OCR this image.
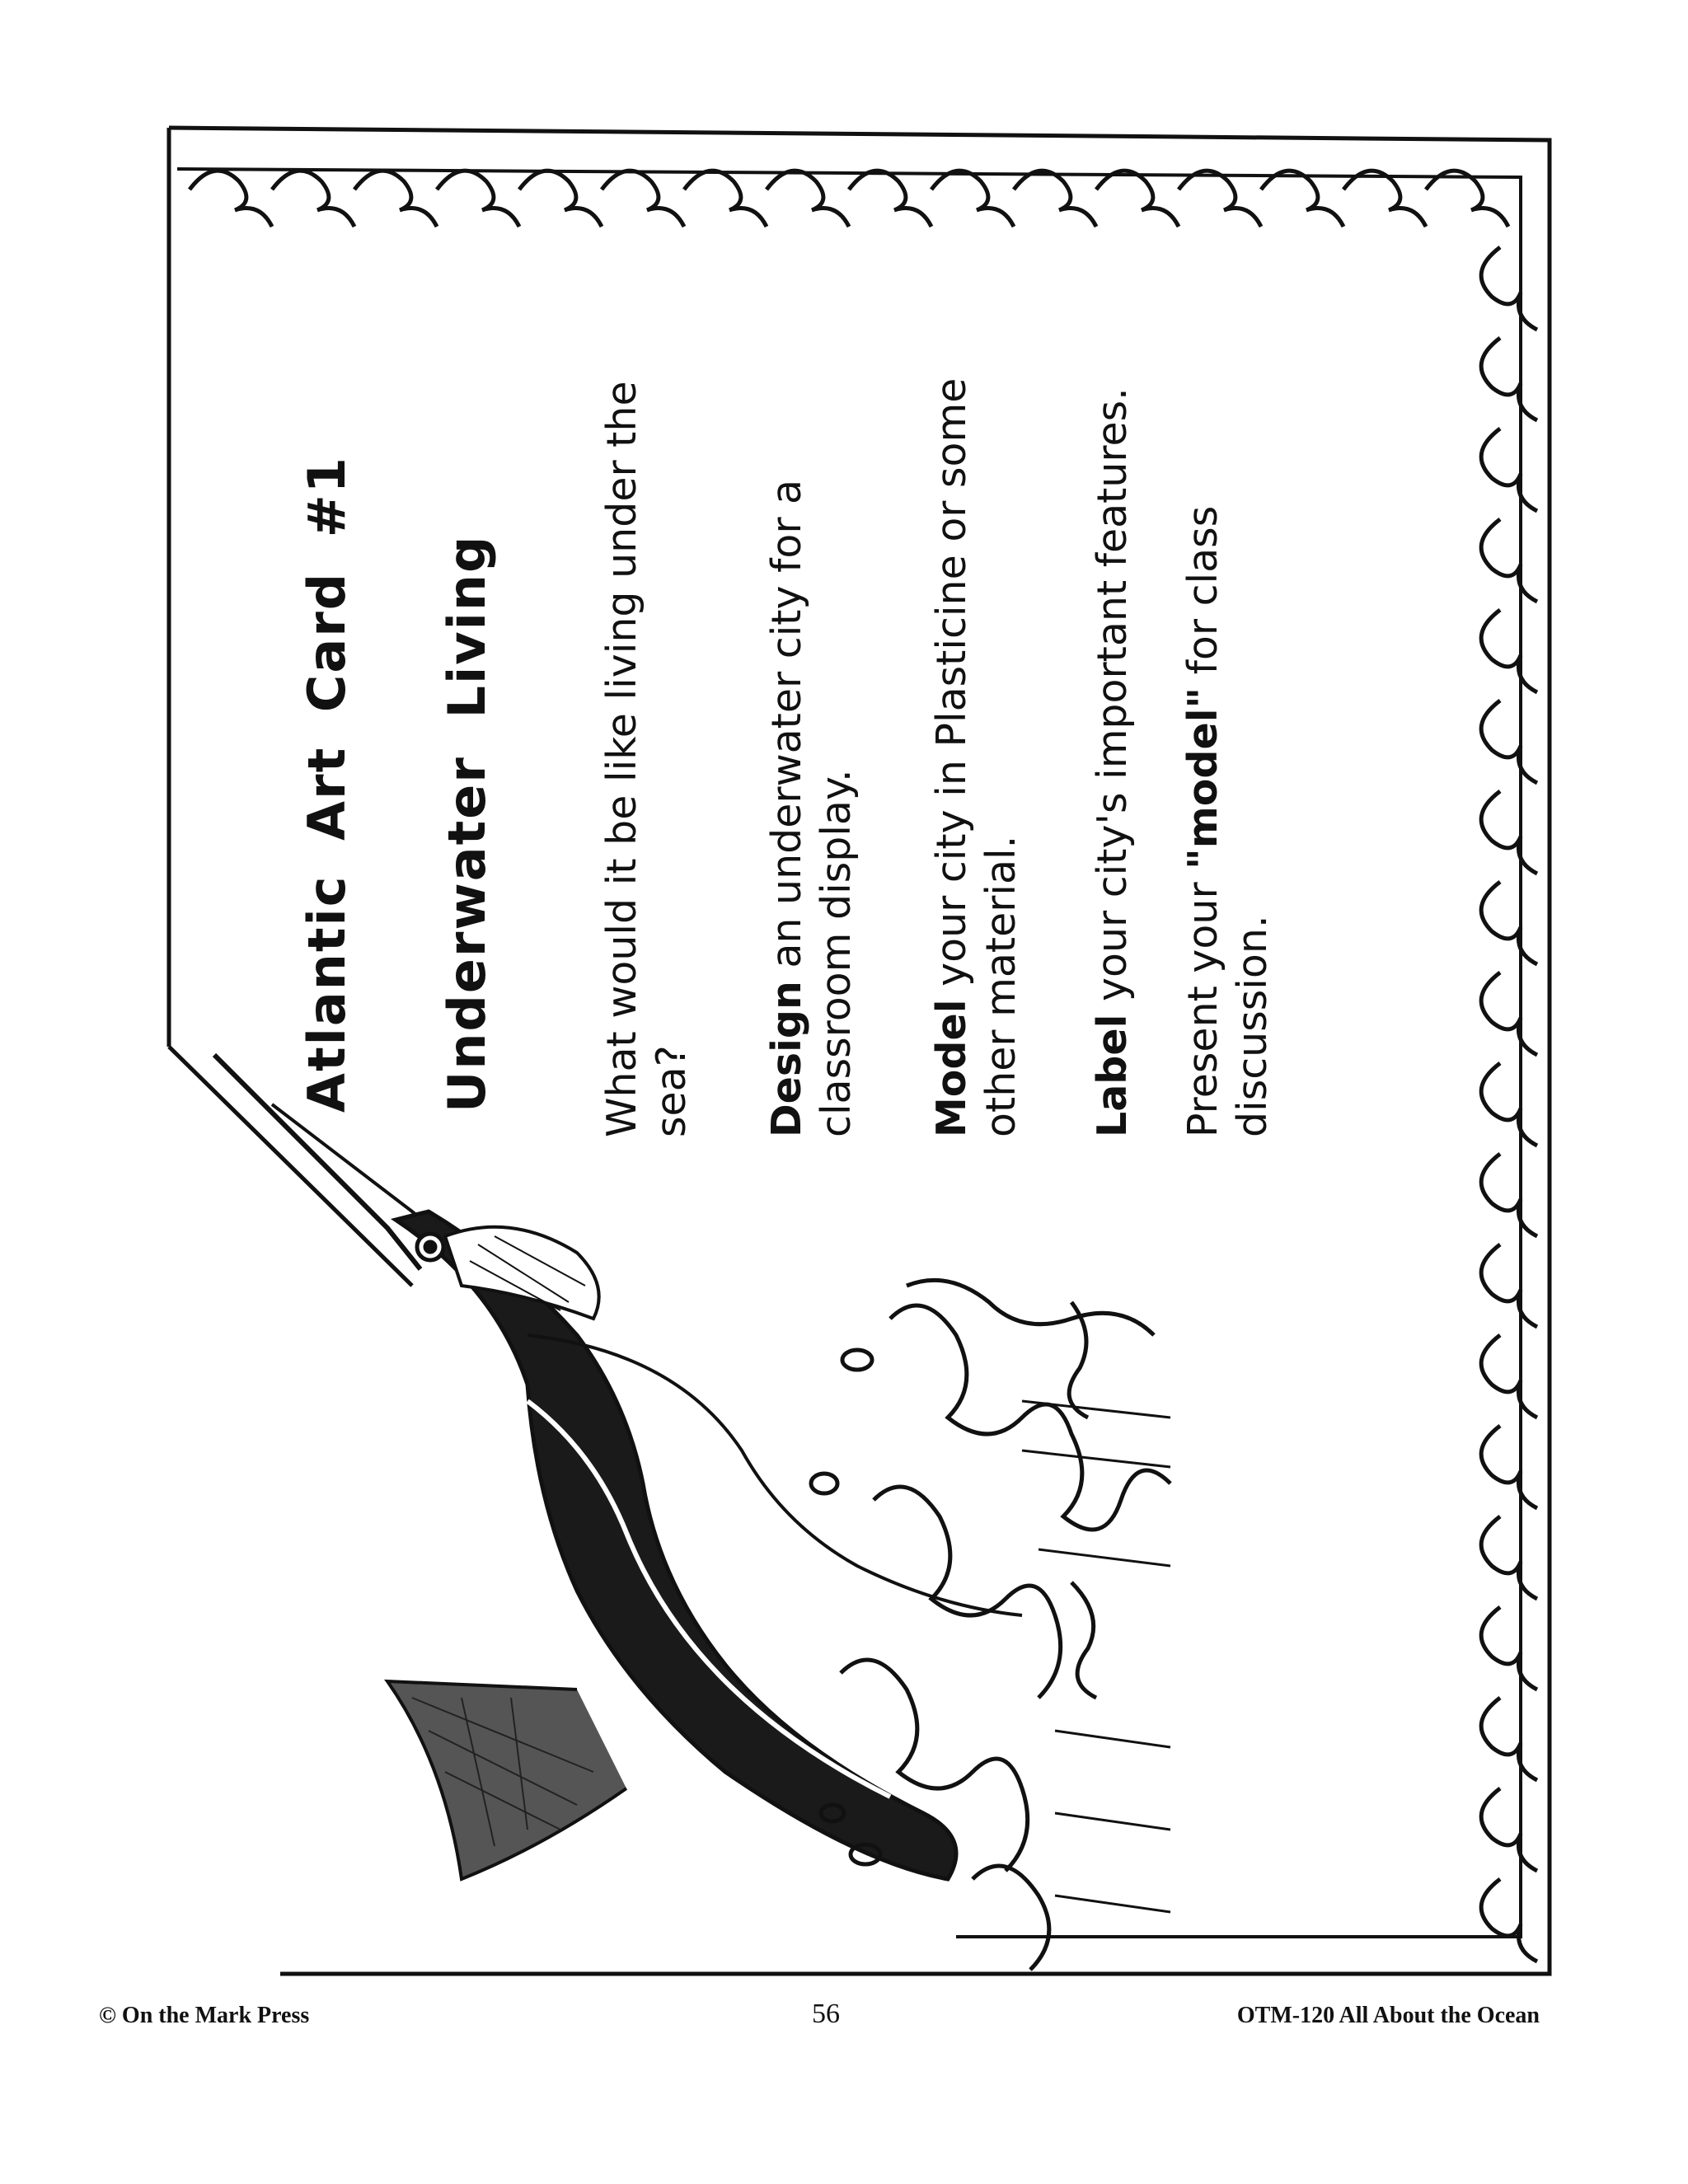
Atlantic Art Card #1 Underwater Living	What would it be like living under the sea? Design an underwater city for a classroom display. Model your city in Plasticine or some other material. Label your city's important features. Present your "model" for class discussion.
© On the Mark Press	56	OTM-120 All About the Ocean
